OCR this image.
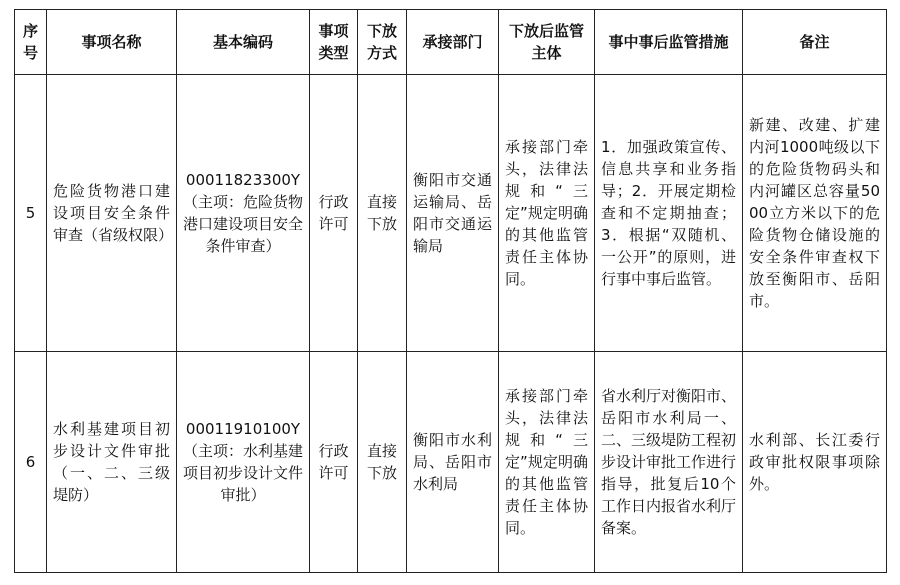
序号	事项名称	基本编码	事项类型	下放方式	承接部门	下放后监管主体	事中事后监管措施	备注
5	危险货物港口建设项目安全条件审查（省级权限）	00011823300Y（主项：危险货物港口建设项目安全条件审查）	行政许可	直接下放	衡阳市交通运输局、岳阳市交通运输局	承接部门牵头，法律法规和“三定”规定明确的其他监管责任主体协同。	1．加强政策宣传、信息共享和业务指导；2．开展定期检查和不定期抽查；3．根据“双随机、一公开”的原则，进行事中事后监管。	新建、改建、扩建内河1000吨级以下的危险货物码头和内河罐区总容量5000立方米以下的危险货物仓储设施的安全条件审查权下放至衡阳市、岳阳市。
6	水利基建项目初步设计文件审批（一、二、三级堤防）	00011910100Y（主项：水利基建项目初步设计文件审批）	行政许可	直接下放	衡阳市水利局、岳阳市水利局	承接部门牵头，法律法规和“三定”规定明确的其他监管责任主体协同。	省水利厅对衡阳市、岳阳市水利局一、二、三级堤防工程初步设计审批工作进行指导，批复后10个工作日内报省水利厅备案。	水利部、长江委行政审批权限事项除外。
